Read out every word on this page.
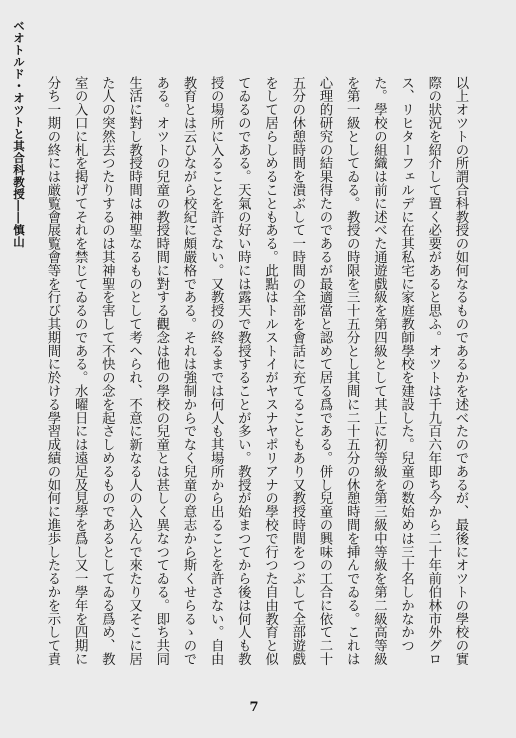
ベオトルド・オツトと其合科教授――慎山	以上オツトの所謂合科教授の如何なるものであるかを述べたのであるが、最後にオツトの學校の實際の狀況を紹介して置く必要があると思ふ。オツトは千九百六年即ち今から二十年前伯林市外グロス、リヒターフェルデに在其私宅に家庭教師學校を建設した。兒童の数始めは三十名しかなかつた。學校の組織は前に述べた通遊戲級を第四級として其上に初等級を第三級中等級を第二級高等級を第一級としてゐる。教授の時限を三十五分とし其間に二十五分の休憩時間を挿んでゐる。これは心理的研究の結果得たのであるが最適當と認めて居る爲である。併し兒童の興味の工合に依て二十五分の休憩時間を潰ぶして一時間の全部を會話に充てることもあり又教授時間をつぶして全部遊戲をして居らしめることもある。此點はトルストイがヤスナヤポリアナの學校で行つた自由教育と似てゐるのである。天氣の好い時には露天で教授することが多い。教授が始まつてから後は何人も教授の場所に入ることを許さない。又教授の終るまでは何人も其場所から出ることを許さない。自由教育とは云ひながら校紀に頗嚴格である。それは強制からでなく兒童の意志から斯くせらるゝのである。オツトの兒童の教授時間に對する觀念は他の學校の兒童とは甚しく異なつてゐる。即ち共同生活に對し教授時間は神聖なるものとして考へられ、不意に新なる人の入込んで來たり又そこに居た人の突然去つたりするのは其神聖を害して不快の念を起さしめるものであるとしてゐる爲め、教室の入口に札を掲げてそれを禁じてゐるのである。水曜日には遠足及見學を爲し又一學年を四期に分ち一期の終には厳覧會展覧會等を行び其期間に於ける學習成績の如何に進歩したるかを示して責

7
